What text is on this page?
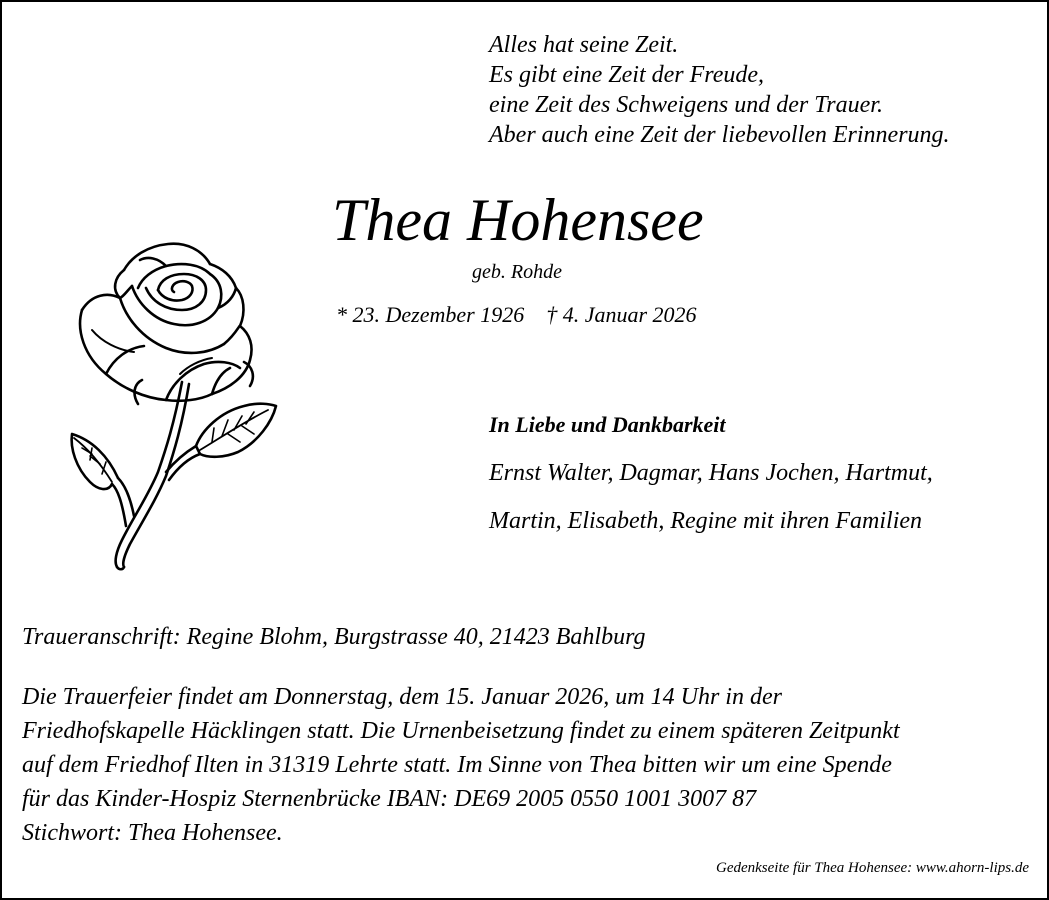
Alles hat seine Zeit.
Es gibt eine Zeit der Freude,
eine Zeit des Schweigens und der Trauer.
Aber auch eine Zeit der liebevollen Erinnerung.
Thea Hohensee
geb. Rohde
* 23. Dezember 1926 † 4. Januar 2026
In Liebe und Dankbarkeit
Ernst Walter, Dagmar, Hans Jochen, Hartmut,
Martin, Elisabeth, Regine mit ihren Familien
Traueranschrift: Regine Blohm, Burgstrasse 40, 21423 Bahlburg
Die Trauerfeier findet am Donnerstag, dem 15. Januar 2026, um 14 Uhr in der
Friedhofskapelle Häcklingen statt. Die Urnenbeisetzung findet zu einem späteren Zeitpunkt
auf dem Friedhof Ilten in 31319 Lehrte statt. Im Sinne von Thea bitten wir um eine Spende
für das Kinder-Hospiz Sternenbrücke IBAN: DE69 2005 0550 1001 3007 87
Stichwort: Thea Hohensee.
Gedenkseite für Thea Hohensee: www.ahorn-lips.de
